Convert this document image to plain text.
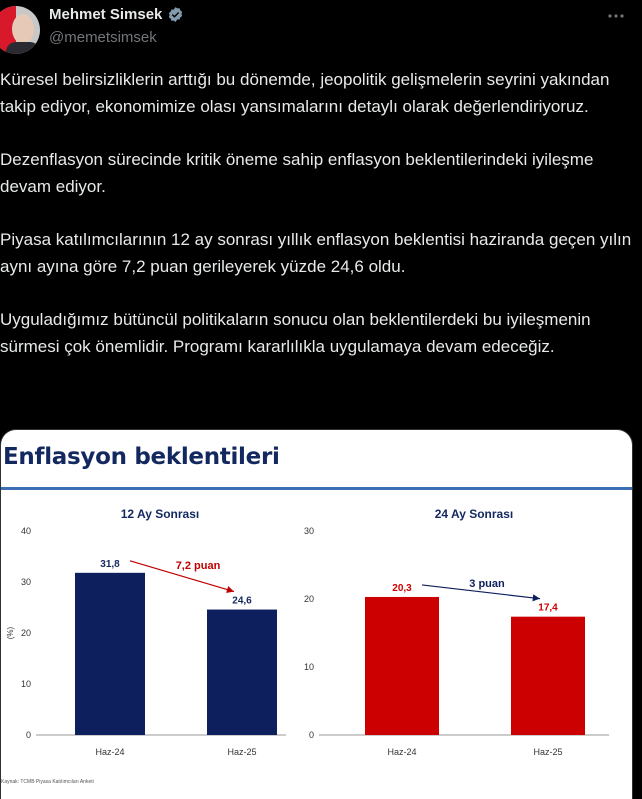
Mehmet Simsek
@memetsimsek

Küresel belirsizliklerin arttığı bu dönemde, jeopolitik gelişmelerin seyrini yakından takip ediyor, ekonomimize olası yansımalarını detaylı olarak değerlendiriyoruz.

Dezenflasyon sürecinde kritik öneme sahip enflasyon beklentilerindeki iyileşme devam ediyor.

Piyasa katılımcılarının 12 ay sonrası yıllık enflasyon beklentisi haziranda geçen yılın aynı ayına göre 7,2 puan gerileyerek yüzde 24,6 oldu.

Uyguladığımız bütüncül politikaların sonucu olan beklentilerdeki bu iyileşmenin sürmesi çok önemlidir. Programı kararlılıkla uygulamaya devam edeceğiz.

Enflasyon beklentileri
12 Ay Sonrası
0
10
20
30
40
(%)
31,8
Haz-24
24,6
Haz-25
7,2 puan
24 Ay Sonrası
0
10
20
30
20,3
Haz-24
17,4
Haz-25
3 puan
Kaynak: TCMB Piyasa Katılımcıları Anketi
